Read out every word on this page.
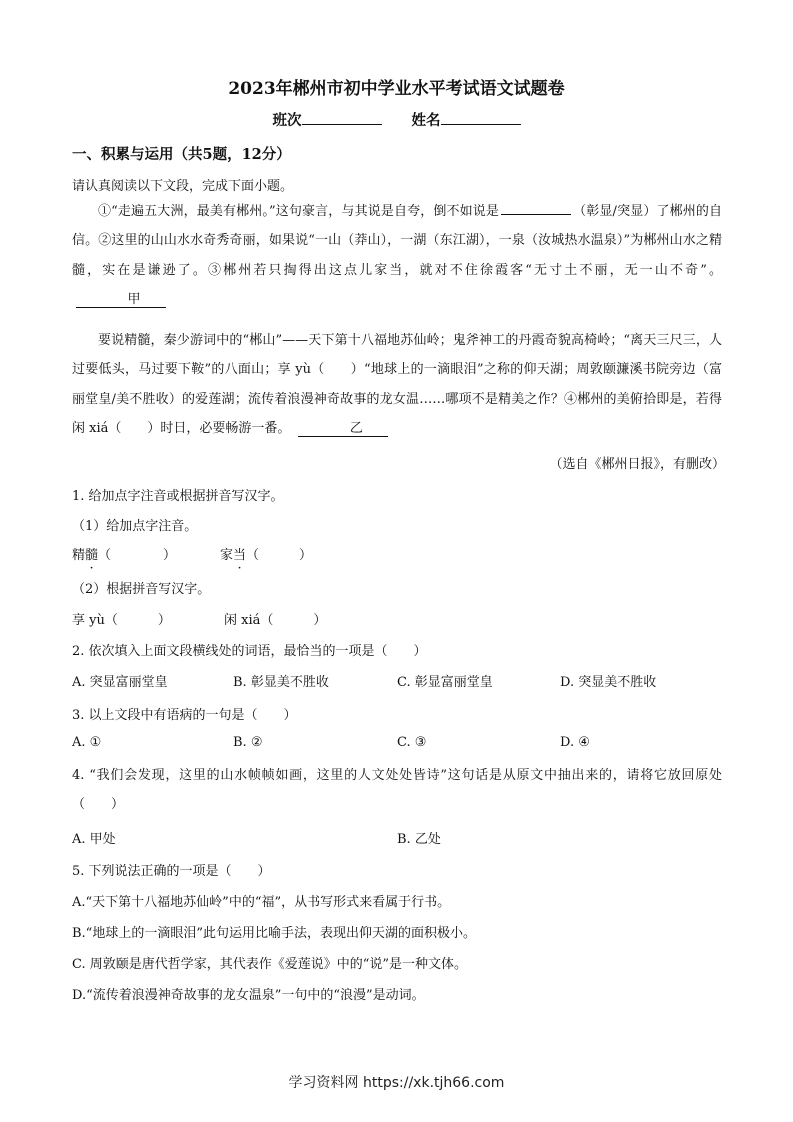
2023年郴州市初中学业水平考试语文试题卷
班次	姓名
一、积累与运用（共5题，12分）
请认真阅读以下文段，完成下面小题。
①“走遍五大洲，最美有郴州。”这句豪言，与其说是自夸，倒不如说是	（彰显/突显）了郴州的自信。②这里的山山水水奇秀奇丽，如果说“一山（莽山），一湖（东江湖），一泉（汝城热水温泉）”为郴州山水之精髓，实在是谦逊了。③郴州若只掏得出这点儿家当，就对不住徐霞客“无寸土不丽，无一山不奇”。甲
要说精髓，秦少游词中的“郴山”——天下第十八福地苏仙岭；鬼斧神工的丹霞奇貌高椅岭；“离天三尺三，人过要低头，马过要下鞍”的八面山；享 yù（ ）“地球上的一滴眼泪”之称的仰天湖；周敦颐濂溪书院旁边（富丽堂皇/美不胜收）的爱莲湖；流传着浪漫神奇故事的龙女温……哪项不是精美之作？④郴州的美俯拾即是，若得闲 xiá（ ）时日，必要畅游一番。	乙
（选自《郴州日报》，有删改）
1. 给加点字注音或根据拼音写汉字。
（1）给加点字注音。
精髓（	）	家当（	）
（2）根据拼音写汉字。
享 yù（	）	闲 xiá（	）
2. 依次填入上面文段横线处的词语，最恰当的一项是（　　）
A. 突显富丽堂皇	B. 彰显美不胜收	C. 彰显富丽堂皇	D. 突显美不胜收
3. 以上文段中有语病的一句是（　　）
A. ①	B. ②	C. ③	D. ④
4. “我们会发现，这里的山水帧帧如画，这里的人文处处皆诗”这句话是从原文中抽出来的，请将它放回原处（　　）
A. 甲处	B. 乙处
5. 下列说法正确的一项是（　　）
A.“天下第十八福地苏仙岭”中的“福”，从书写形式来看属于行书。
B.“地球上的一滴眼泪”此句运用比喻手法，表现出仰天湖的面积极小。
C. 周敦颐是唐代哲学家，其代表作《爱莲说》中的“说”是一种文体。
D.“流传着浪漫神奇故事的龙女温泉”一句中的“浪漫”是动词。
学习资料网 https://xk.tjh66.com
